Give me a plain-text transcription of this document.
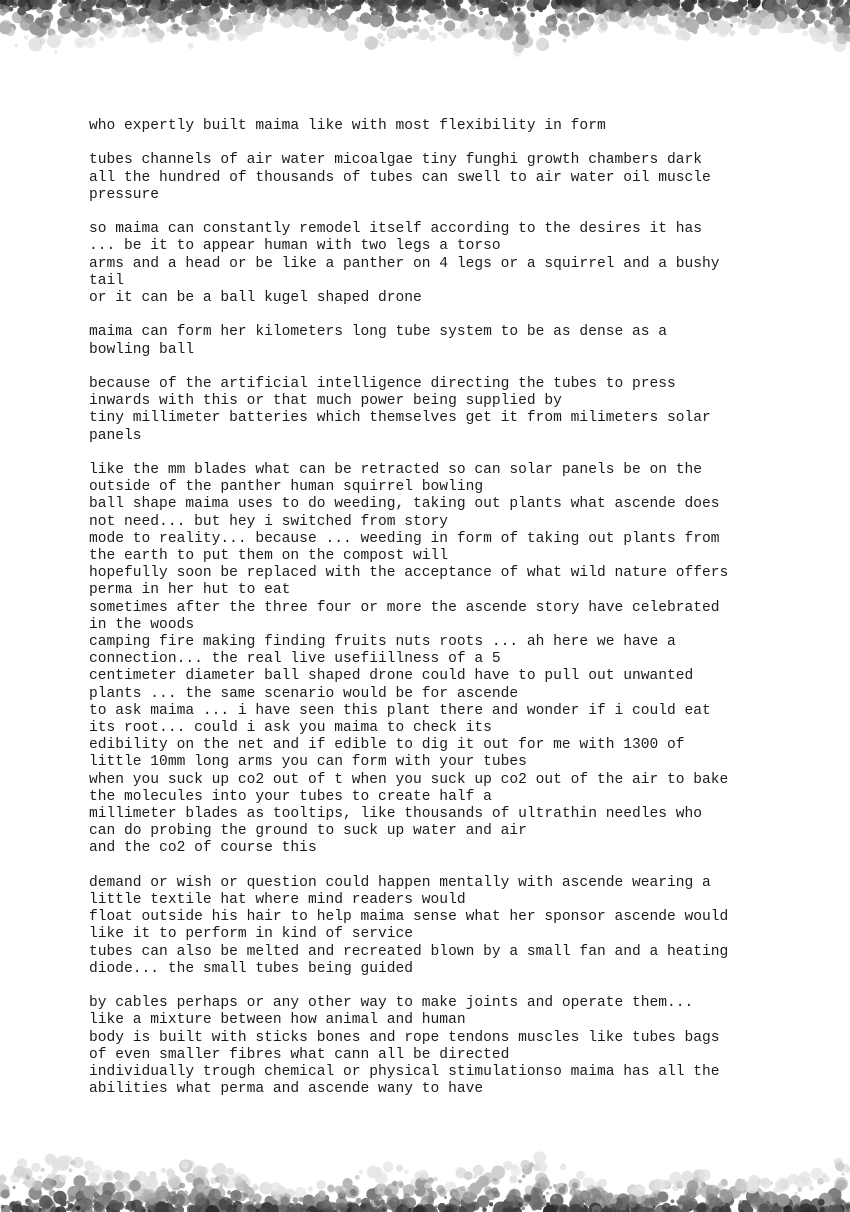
who expertly built maima like with most flexibility in form

tubes channels of air water micoalgae tiny funghi growth chambers dark
all the hundred of thousands of tubes can swell to air water oil muscle
pressure

so maima can constantly remodel itself according to the desires it has
... be it to appear human with two legs a torso
arms and a head or be like a panther on 4 legs or a squirrel and a bushy
tail
or it can be a ball kugel shaped drone

maima can form her kilometers long tube system to be as dense as a
bowling ball

because of the artificial intelligence directing the tubes to press
inwards with this or that much power being supplied by
tiny millimeter batteries which themselves get it from milimeters solar
panels

like the mm blades what can be retracted so can solar panels be on the
outside of the panther human squirrel bowling
ball shape maima uses to do weeding, taking out plants what ascende does
not need... but hey i switched from story
mode to reality... because ... weeding in form of taking out plants from
the earth to put them on the compost will
hopefully soon be replaced with the acceptance of what wild nature offers
perma in her hut to eat
sometimes after the three four or more the ascende story have celebrated
in the woods
camping fire making finding fruits nuts roots ... ah here we have a
connection... the real live usefiillness of a 5
centimeter diameter ball shaped drone could have to pull out unwanted
plants ... the same scenario would be for ascende
to ask maima ... i have seen this plant there and wonder if i could eat
its root... could i ask you maima to check its
edibility on the net and if edible to dig it out for me with 1300 of
little 10mm long arms you can form with your tubes
when you suck up co2 out of t when you suck up co2 out of the air to bake
the molecules into your tubes to create half a
millimeter blades as tooltips, like thousands of ultrathin needles who
can do probing the ground to suck up water and air
and the co2 of course this

demand or wish or question could happen mentally with ascende wearing a
little textile hat where mind readers would
float outside his hair to help maima sense what her sponsor ascende would
like it to perform in kind of service
tubes can also be melted and recreated blown by a small fan and a heating
diode... the small tubes being guided

by cables perhaps or any other way to make joints and operate them...
like a mixture between how animal and human
body is built with sticks bones and rope tendons muscles like tubes bags
of even smaller fibres what cann all be directed
individually trough chemical or physical stimulationso maima has all the
abilities what perma and ascende wany to have
